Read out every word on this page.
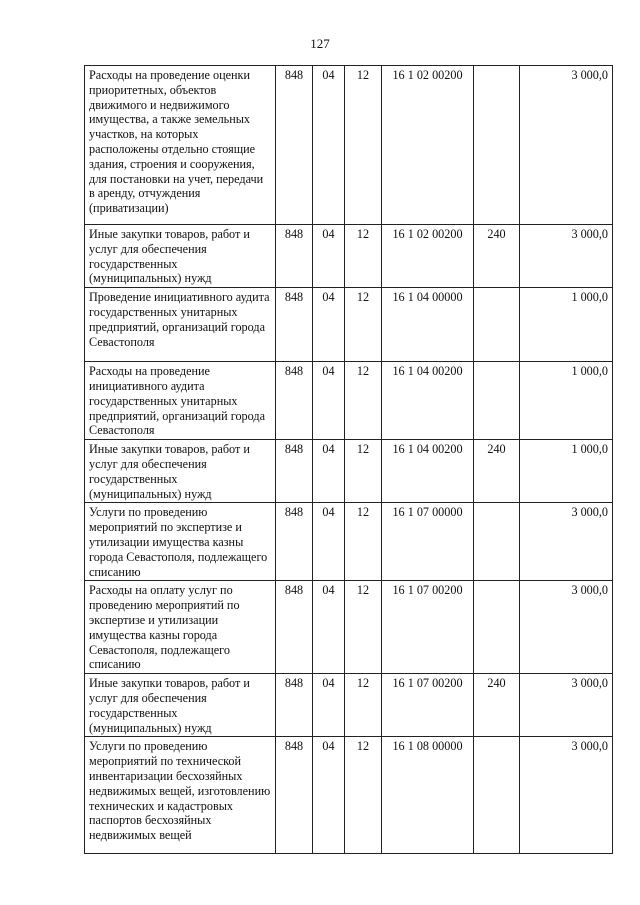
127
Расходы на проведение оценки приоритетных, объектов движимого и недвижимого имущества, а также земельных участков, на которых расположены отдельно стоящие здания, строения и сооружения, для постановки на учет, передачи в аренду, отчуждения (приватизации)	848	04	12	16 1 02 00200		3 000,0
Иные закупки товаров, работ и услуг для обеспечения государственных (муниципальных) нужд	848	04	12	16 1 02 00200	240	3 000,0
Проведение инициативного аудита государственных унитарных предприятий, организаций города Севастополя	848	04	12	16 1 04 00000		1 000,0
Расходы на проведение инициативного аудита государственных унитарных предприятий, организаций города Севастополя	848	04	12	16 1 04 00200		1 000,0
Иные закупки товаров, работ и услуг для обеспечения государственных (муниципальных) нужд	848	04	12	16 1 04 00200	240	1 000,0
Услуги по проведению мероприятий по экспертизе и утилизации имущества казны города Севастополя, подлежащего списанию	848	04	12	16 1 07 00000		3 000,0
Расходы на оплату услуг по проведению мероприятий по экспертизе и утилизации имущества казны города Севастополя, подлежащего списанию	848	04	12	16 1 07 00200		3 000,0
Иные закупки товаров, работ и услуг для обеспечения государственных (муниципальных) нужд	848	04	12	16 1 07 00200	240	3 000,0
Услуги по проведению мероприятий по технической инвентаризации бесхозяйных недвижимых вещей, изготовлению технических и кадастровых паспортов бесхозяйных недвижимых вещей	848	04	12	16 1 08 00000		3 000,0
